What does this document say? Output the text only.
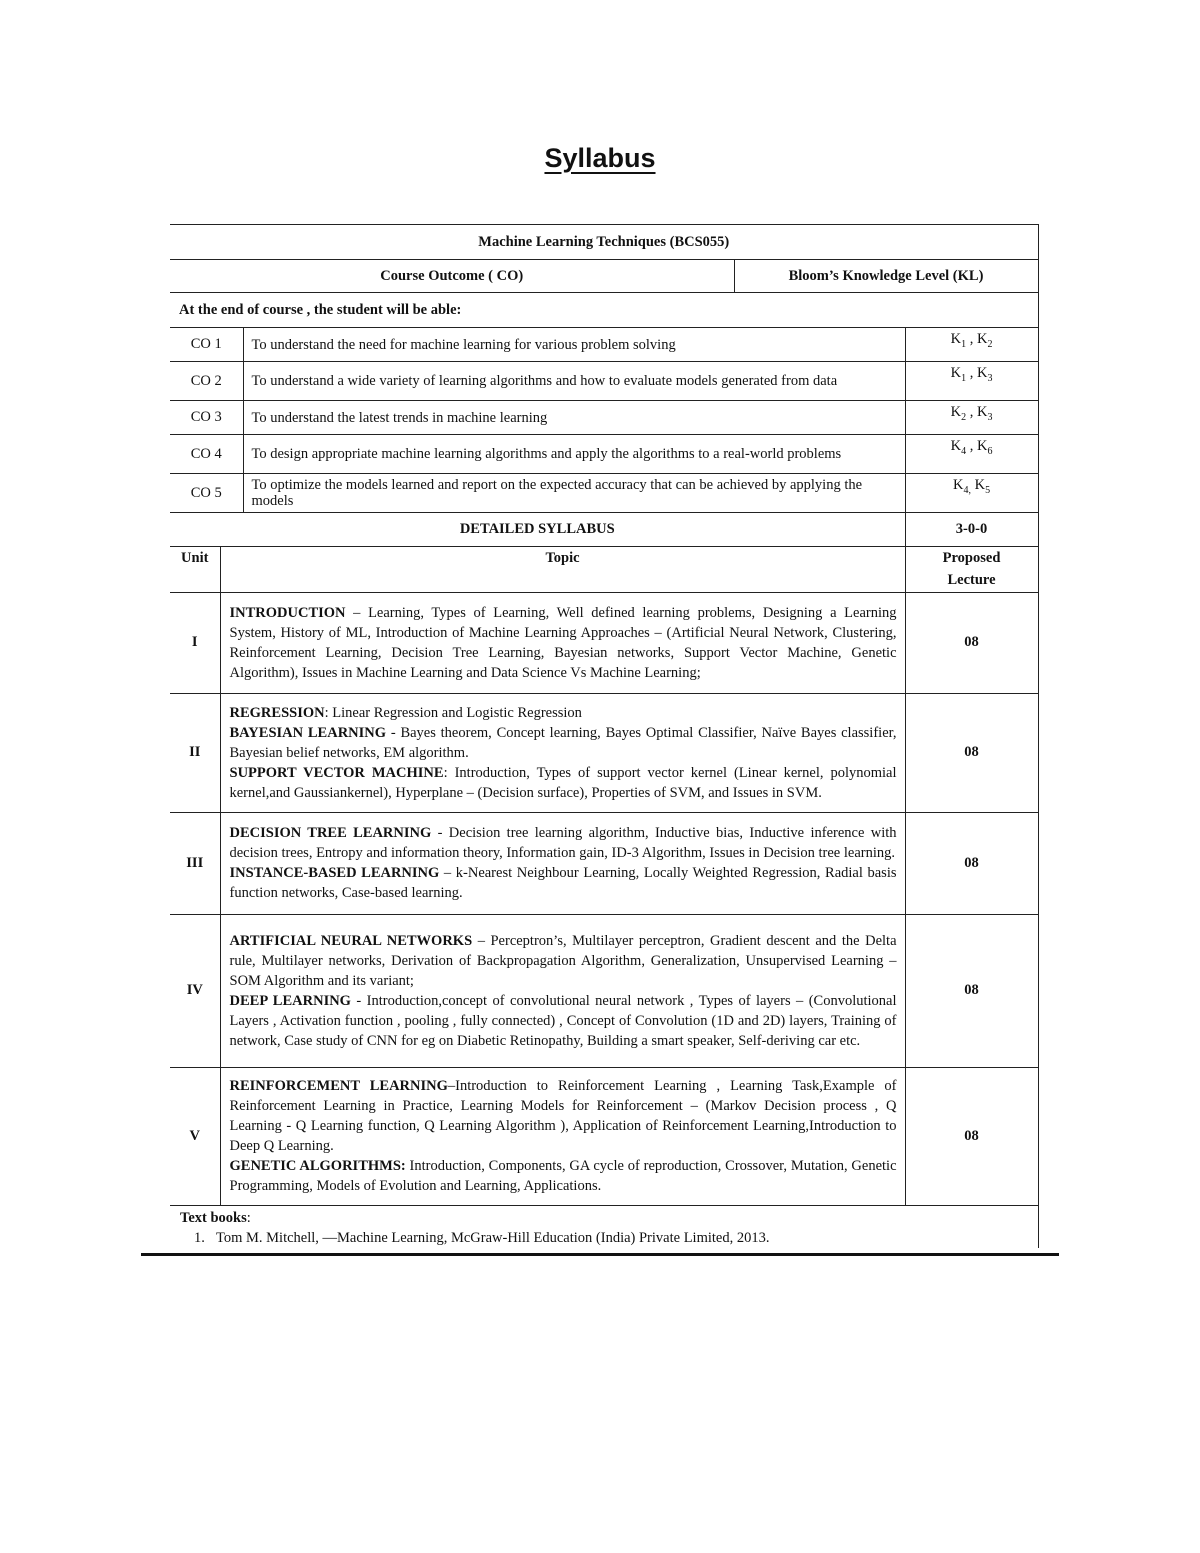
Syllabus
Machine Learning Techniques (BCS055)			
Course Outcome ( CO)		Bloom’s Knowledge Level (KL)	
At the end of course , the student will be able:			
CO 1	To understand the need for machine learning for various problem solving		$K_1$ , $K_2$
CO 2	To understand a wide variety of learning algorithms and how to evaluate models generated from data		$K_1$ , $K_3$
CO 3	To understand the latest trends in machine learning		$K_2$ , $K_3$
CO 4	To design appropriate machine learning algorithms and apply the algorithms to a real-world problems		$K_4$ , $K_6$
CO 5	To optimize the models learned and report on the expected accuracy that can be achieved by applying the models		$K_{4,}$ $K_5$
DETAILED SYLLABUS		3-0-0
Unit	Topic	Proposed
Lecture

I	INTRODUCTION – Learning, Types of Learning, Well defined learning problems, Designing a Learning System, History of ML, Introduction of Machine Learning Approaches – (Artificial Neural Network, Clustering, Reinforcement Learning, Decision Tree Learning, Bayesian networks, Support Vector Machine, Genetic Algorithm), Issues in Machine Learning and Data Science Vs Machine Learning;	08
II	REGRESSION: Linear Regression and Logistic Regression
BAYESIAN LEARNING - Bayes theorem, Concept learning, Bayes Optimal Classifier, Naïve Bayes classifier, Bayesian belief networks, EM algorithm.
SUPPORT VECTOR MACHINE: Introduction, Types of support vector kernel (Linear kernel, polynomial kernel,and Gaussiankernel), Hyperplane – (Decision surface), Properties of SVM, and Issues in SVM.	08
III	DECISION TREE LEARNING - Decision tree learning algorithm, Inductive bias, Inductive inference with decision trees, Entropy and information theory, Information gain, ID-3 Algorithm, Issues in Decision tree learning.
INSTANCE-BASED LEARNING – k-Nearest Neighbour Learning, Locally Weighted Regression, Radial basis function networks, Case-based learning.	08
IV	ARTIFICIAL NEURAL NETWORKS – Perceptron’s, Multilayer perceptron, Gradient descent and the Delta rule, Multilayer networks, Derivation of Backpropagation Algorithm, Generalization, Unsupervised Learning – SOM Algorithm and its variant;
DEEP LEARNING - Introduction,concept of convolutional neural network , Types of layers – (Convolutional Layers , Activation function , pooling , fully connected) , Concept of Convolution (1D and 2D) layers, Training of network, Case study of CNN for eg on Diabetic Retinopathy, Building a smart speaker, Self-deriving car etc.	08
V	REINFORCEMENT LEARNING–Introduction to Reinforcement Learning , Learning Task,Example of Reinforcement Learning in Practice, Learning Models for Reinforcement – (Markov Decision process , Q Learning - Q Learning function, Q Learning Algorithm ), Application of Reinforcement Learning,Introduction to Deep Q Learning.
GENETIC ALGORITHMS: Introduction, Components, GA cycle of reproduction, Crossover, Mutation, Genetic Programming, Models of Evolution and Learning, Applications.	08

Text books:
1. Tom M. Mitchell, ―Machine Learning, McGraw-Hill Education (India) Private Limited, 2013.		
